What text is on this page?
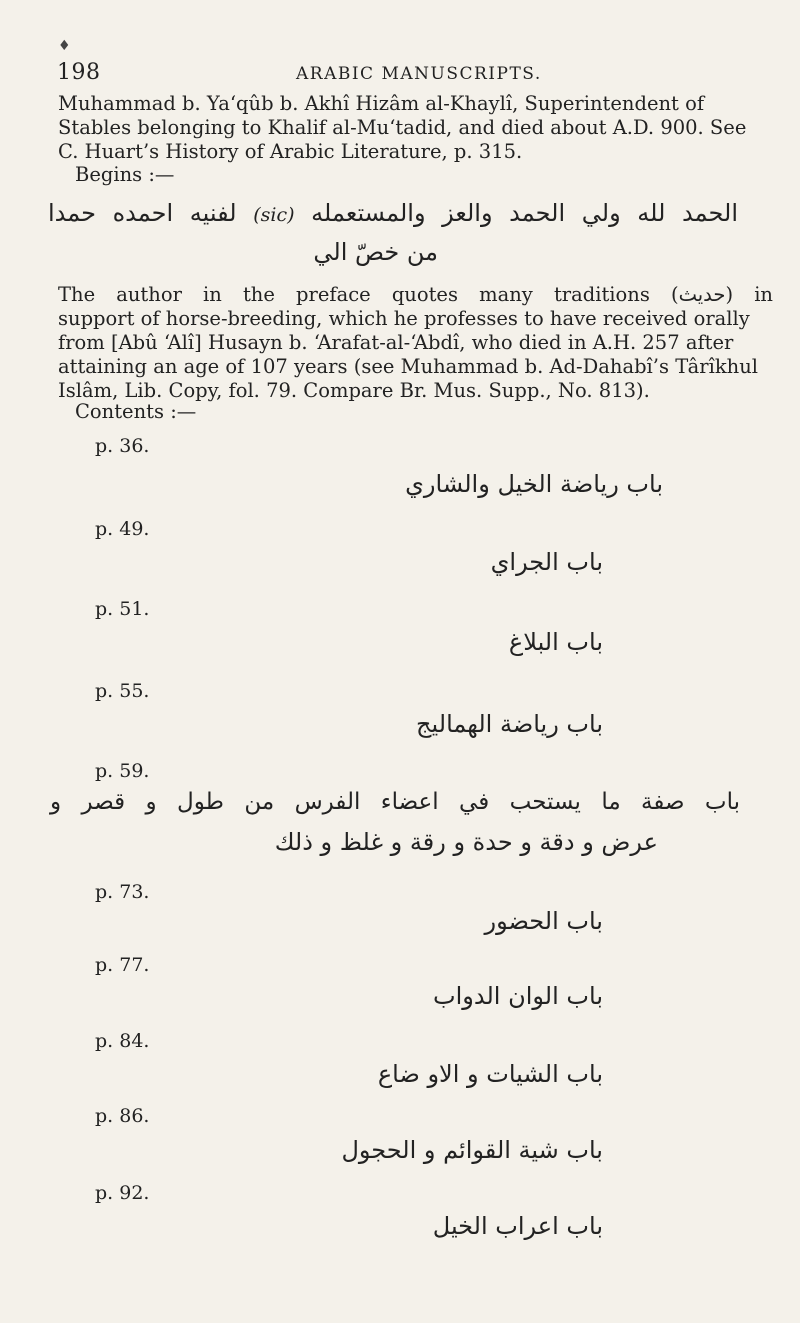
♦
198	ARABIC MANUSCRIPTS.

Muhammad b. Ya‘qûb b. Akhî Hizâm al-Khaylî, Superintendent of
Stables belonging to Khalif al-Mu‘tadid, and died about A.D. 900. See
C. Huart’s History of Arabic Literature, p. 315.

Begins :—
الحمد لله ولي الحمد والعز والمستعمله (sic) لفنيه احمده حمدا
من خصّ الي

The author in the preface quotes many traditions (حديث) in
support of horse-breeding, which he professes to have received orally
from [Abû ‘Alî] Husayn b. ‘Arafat-al-‘Abdî, who died in A.H. 257 after
attaining an age of 107 years (see Muhammad b. Ad-Dahabî’s Târîkhul
Islâm, Lib. Copy, fol. 79. Compare Br. Mus. Supp., No. 813).

Contents :—
p. 36.
باب رياضة الخيل والشاري
p. 49.
باب الجراي
p. 51.
باب البلاغ
p. 55.
باب رياضة الهماليج
p. 59.
باب صفة ما يستحب في اعضاء الفرس من طول و قصر و
عرض و دقة و حدة و رقة و غلظ و ذلك
p. 73.
باب الحضور
p. 77.
باب الوان الدواب
p. 84.
باب الشيات و الاو ضاع
p. 86.
باب شية القوائم و الحجول
p. 92.
باب اعراب الخيل
